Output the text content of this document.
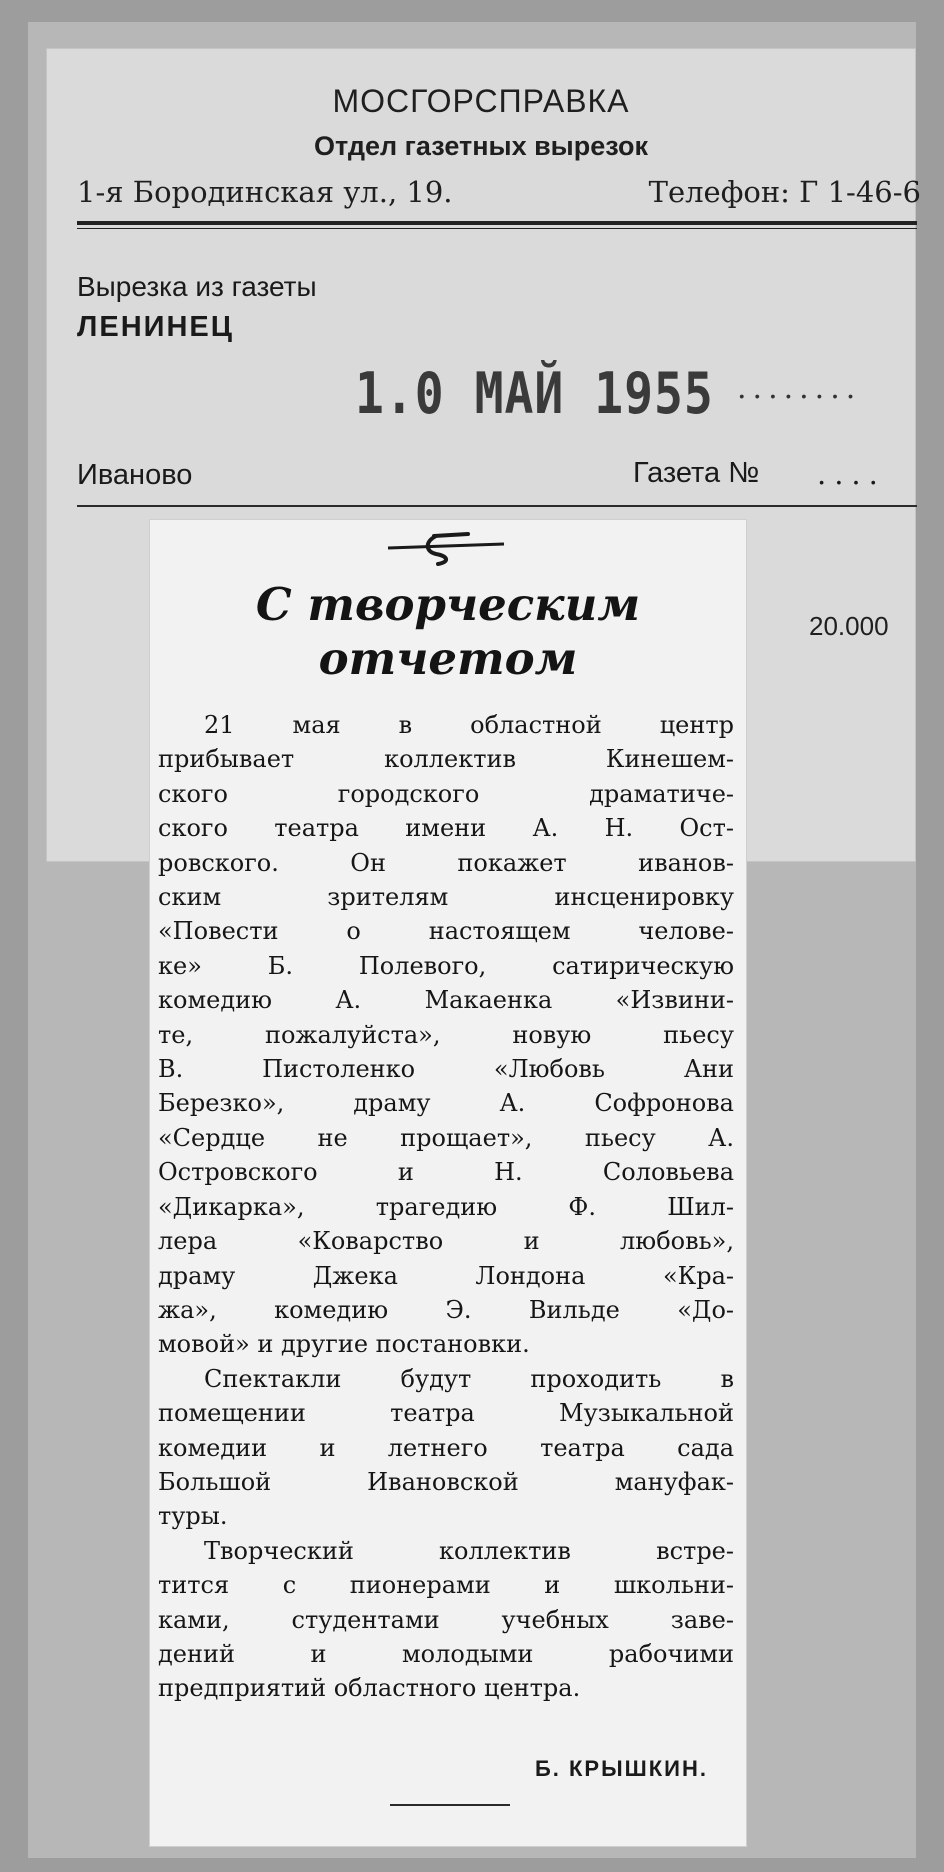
МОСГОРСПРАВКА
Отдел газетных вырезок
1-я Бородинская ул., 19.	Телефон: Г 1-46-6
Вырезка из газеты
ЛЕНИНЕЦ
1.0 МАЙ 1955 ........
Иваново	Газета № ....
20.000
С творческим
отчетом

21 мая в областной центр
прибывает коллектив Кинешем-
ского городского драматиче-
ского театра имени А. Н. Ост-
ровского. Он покажет иванов-
ским зрителям инсценировку
«Повести о настоящем челове-
ке» Б. Полевого, сатирическую
комедию А. Макаенка «Извини-
те, пожалуйста», новую пьесу
В. Пистоленко «Любовь Ани
Березко», драму А. Софронова
«Сердце не прощает», пьесу А.
Островского и Н. Соловьева
«Дикарка», трагедию Ф. Шил-
лера «Коварство и любовь»,
драму Джека Лондона «Кра-
жа», комедию Э. Вильде «До-
мовой» и другие постановки.

Спектакли будут проходить в
помещении театра Музыкальной
комедии и летнего театра сада
Большой Ивановской мануфак-
туры.

Творческий коллектив встре-
тится с пионерами и школьни-
ками, студентами учебных заве-
дений и молодыми рабочими
предприятий областного центра.

Б. КРЫШКИН.
